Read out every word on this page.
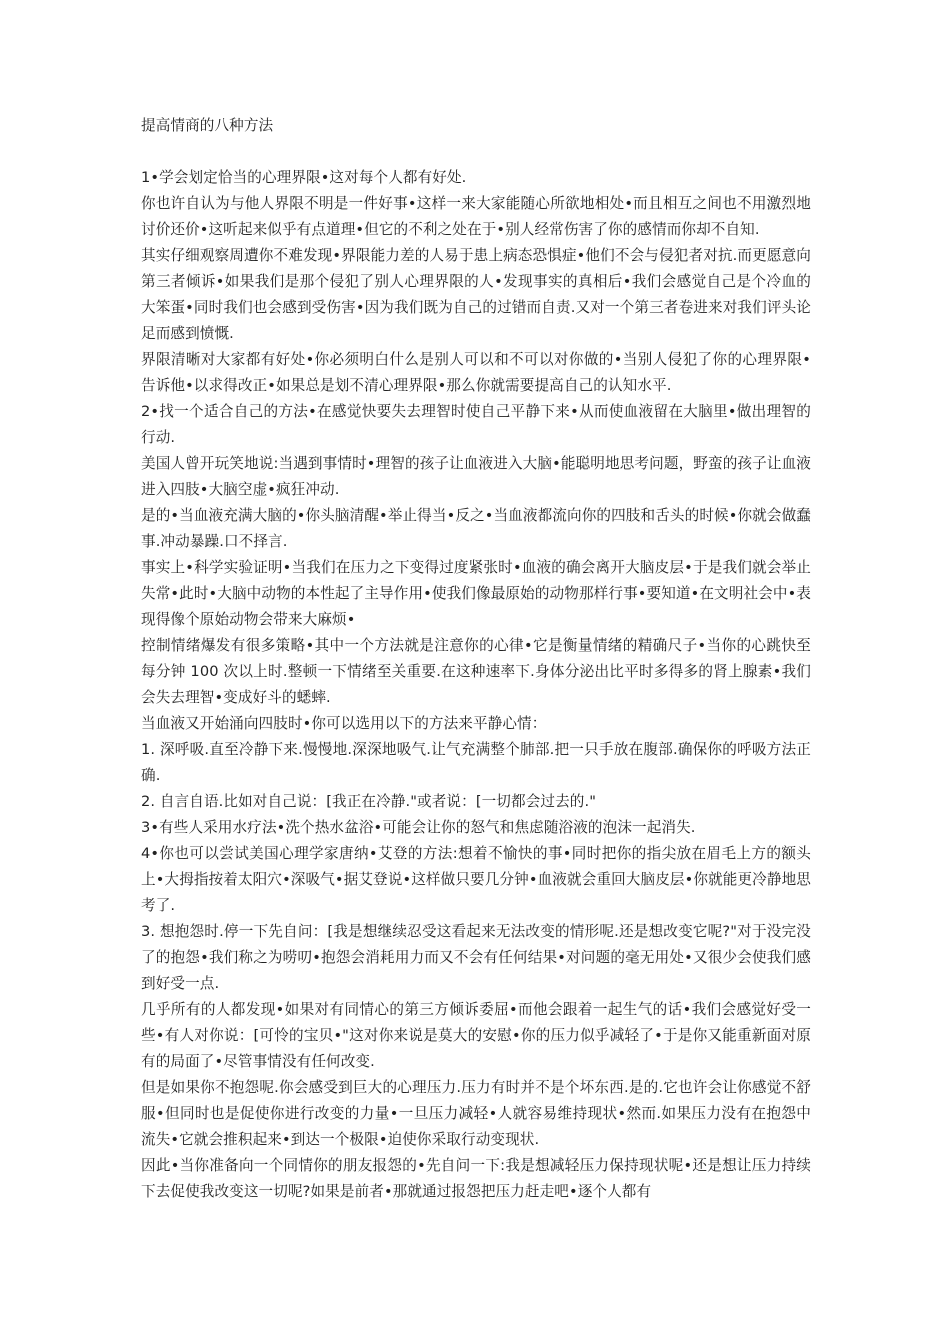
提高情商的八种方法

1•学会划定恰当的心理界限•这对每个人都有好处.

你也许自认为与他人界限不明是一件好事•这样一来大家能随心所欲地相处•而且相互之间也不用激烈地讨价还价•这听起来似乎有点道理•但它的不利之处在于•别人经常伤害了你的感情而你却不自知.

其实仔细观察周遭你不难发现•界限能力差的人易于患上病态恐惧症•他们不会与侵犯者对抗.而更愿意向第三者倾诉•如果我们是那个侵犯了别人心理界限的人•发现事实的真相后•我们会感觉自己是个冷血的大笨蛋•同时我们也会感到受伤害•因为我们既为自己的过错而自责.又对一个第三者卷进来对我们评头论足而感到愤慨.

界限清晰对大家都有好处•你必须明白什么是别人可以和不可以对你做的•当别人侵犯了你的心理界限•告诉他•以求得改正•如果总是划不清心理界限•那么你就需要提高自己的认知水平.

2•找一个适合自己的方法•在感觉快要失去理智时使自己平静下来•从而使血液留在大脑里•做出理智的行动.

美国人曾开玩笑地说:当遇到事情时•理智的孩子让血液进入大脑•能聪明地思考问题，野蛮的孩子让血液进入四肢•大脑空虚•疯狂冲动.

是的•当血液充满大脑的•你头脑清醒•举止得当•反之•当血液都流向你的四肢和舌头的时候•你就会做蠢事.冲动暴躁.口不择言.

事实上•科学实验证明•当我们在压力之下变得过度紧张时•血液的确会离开大脑皮层•于是我们就会举止失常•此时•大脑中动物的本性起了主导作用•使我们像最原始的动物那样行事•要知道•在文明社会中•表现得像个原始动物会带来大麻烦•

控制情绪爆发有很多策略•其中一个方法就是注意你的心律•它是衡量情绪的精确尺子•当你的心跳快至每分钟 100 次以上时.整顿一下情绪至关重要.在这种速率下.身体分泌出比平时多得多的肾上腺素•我们会失去理智•变成好斗的蟋蟀.

当血液又开始涌向四肢时•你可以选用以下的方法来平静心情：

1. 深呼吸.直至冷静下来.慢慢地.深深地吸气.让气充满整个肺部.把一只手放在腹部.确保你的呼吸方法正确.

2. 自言自语.比如对自己说：[我正在冷静."或者说：[一切都会过去的."

3•有些人采用水疗法•洗个热水盆浴•可能会让你的怒气和焦虑随浴液的泡沫一起消失.

4•你也可以尝试美国心理学家唐纳•艾登的方法:想着不愉快的事•同时把你的指尖放在眉毛上方的额头上•大拇指按着太阳穴•深吸气•据艾登说•这样做只要几分钟•血液就会重回大脑皮层•你就能更冷静地思考了.

3. 想抱怨时.停一下先自问：[我是想继续忍受这看起来无法改变的情形呢.还是想改变它呢?"对于没完没了的抱怨•我们称之为唠叨•抱怨会消耗用力而又不会有任何结果•对问题的毫无用处•又很少会使我们感到好受一点.

几乎所有的人都发现•如果对有同情心的第三方倾诉委屈•而他会跟着一起生气的话•我们会感觉好受一些•有人对你说：[可怜的宝贝•"这对你来说是莫大的安慰•你的压力似乎减轻了•于是你又能重新面对原有的局面了•尽管事情没有任何改变.

但是如果你不抱怨呢.你会感受到巨大的心理压力.压力有时并不是个坏东西.是的.它也许会让你感觉不舒服•但同时也是促使你进行改变的力量•一旦压力减轻•人就容易维持现状•然而.如果压力没有在抱怨中流失•它就会推积起来•到达一个极限•迫使你采取行动变现状.

因此•当你准备向一个同情你的朋友报怨的•先自问一下:我是想减轻压力保持现状呢•还是想让压力持续下去促使我改变这一切呢?如果是前者•那就通过报怨把压力赶走吧•逐个人都有
